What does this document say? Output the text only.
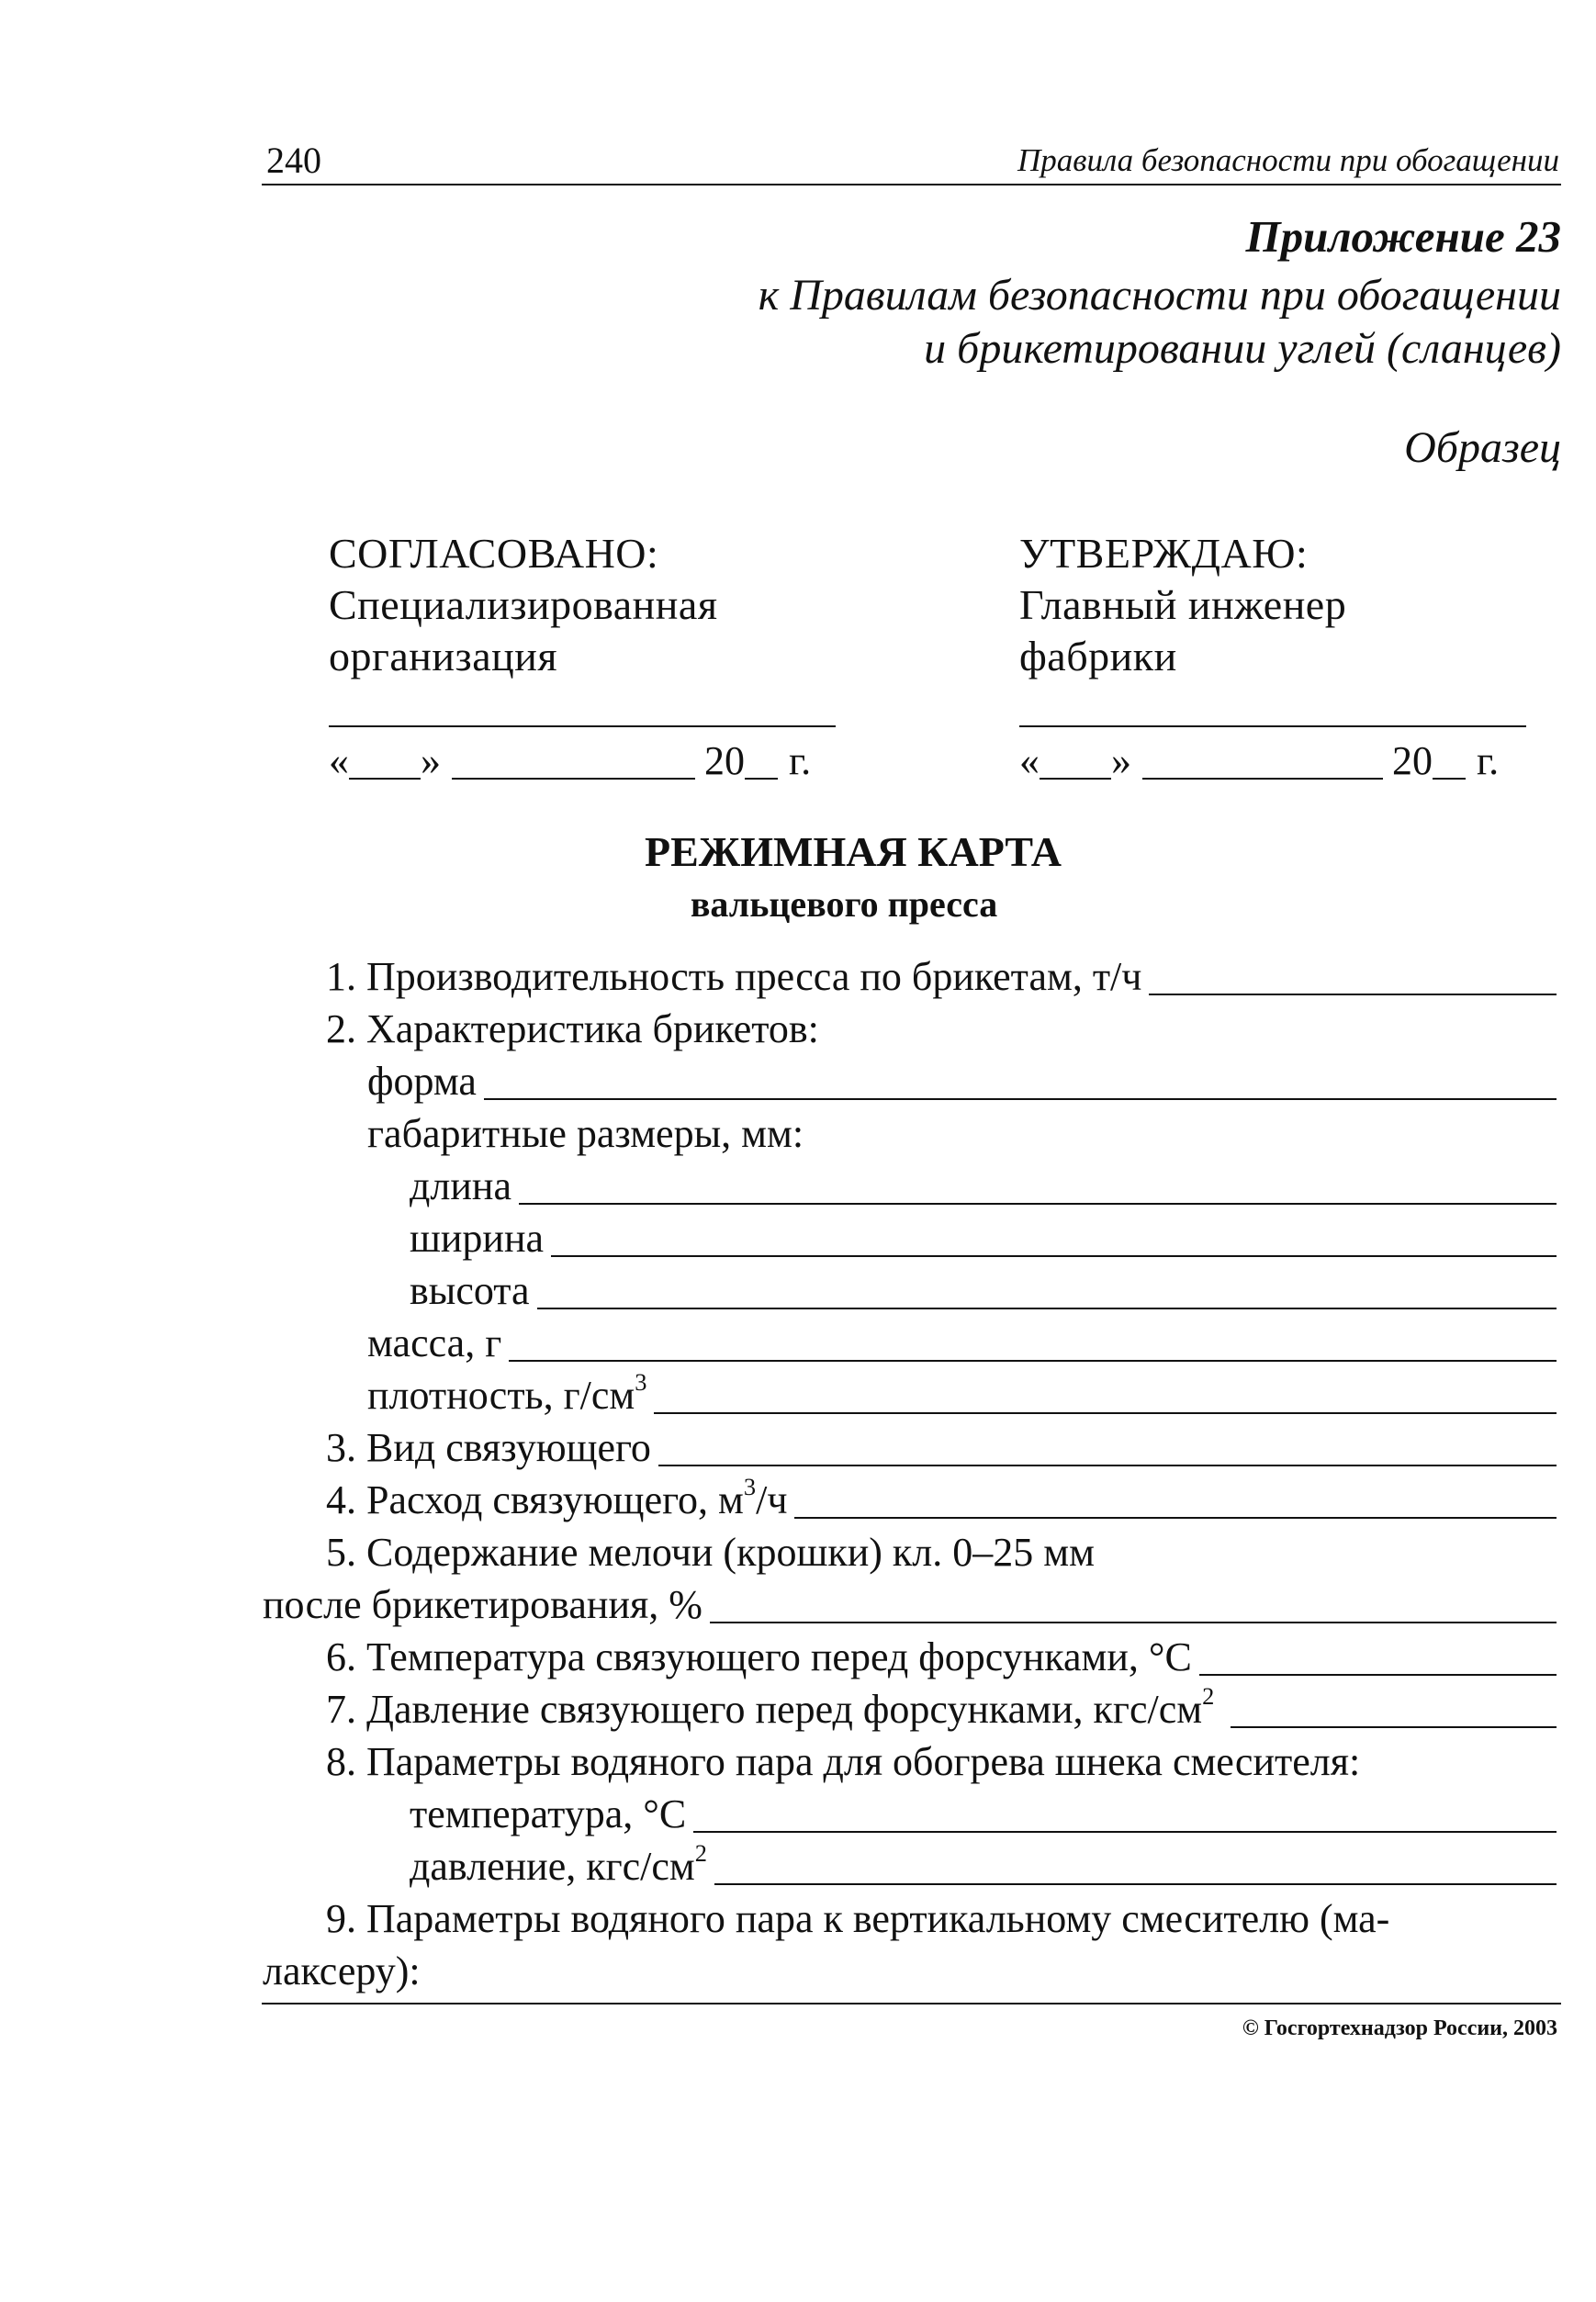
240	Правила безопасности при обогащении
Приложение 23
к Правилам безопасности при обогащении
и брикетировании углей (сланцев)
Образец
СОГЛАСОВАНО:
Специализированная
организация
« »	20 г.
УТВЕРЖДАЮ:
Главный инженер
фабрики
« »	20 г.
РЕЖИМНАЯ КАРТА
вальцевого пресса
1. Производительность пресса по брикетам, т/ч
2. Характеристика брикетов:
форма
габаритные размеры, мм:
длина
ширина
высота
масса, г
плотность, $г/см^3$
3. Вид связующего
4. Расход связующего, $м^3/ч$
5. Содержание мелочи (крошки) кл. 0–25 мм
после брикетирования, %
6. Температура связующего перед форсунками, °С
7. Давление связующего перед форсунками, кгс/$см^2$
8. Параметры водяного пара для обогрева шнека смесителя:
температура, °С
давление, кгс/$см^2$
9. Параметры водяного пара к вертикальному смесителю (ма-
лаксеру):
© Госгортехнадзор России, 2003
